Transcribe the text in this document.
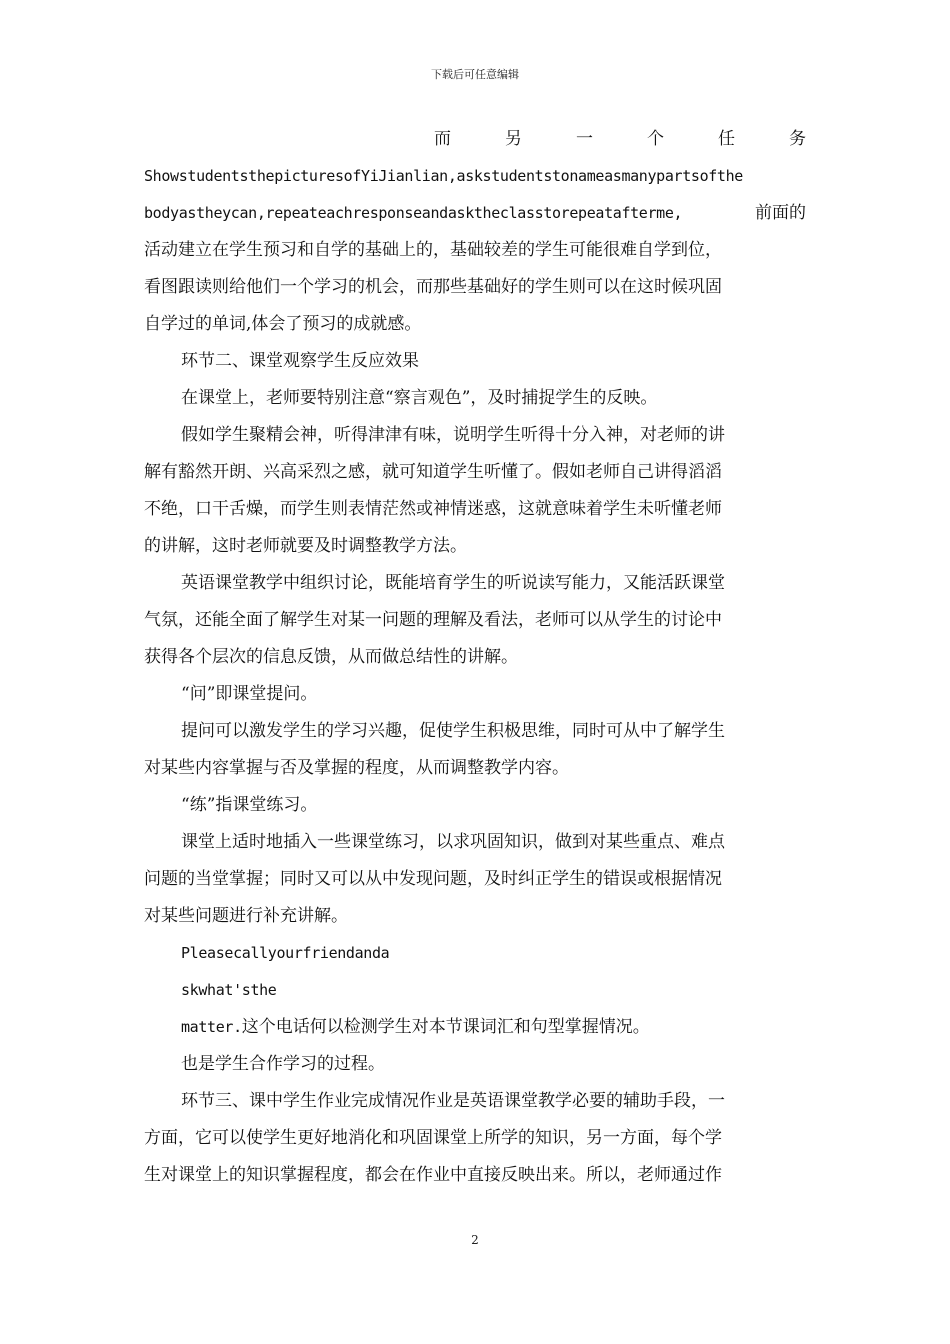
下载后可任意编辑
而	另	一	个	任	务
ShowstudentsthepicturesofYiJianlian,askstudentstonameasmanypartsofthe
bodyastheycan,repeateachresponseandasktheclasstorepeatafterme,	前面的
活动建立在学生预习和自学的基础上的，基础较差的学生可能很难自学到位，
看图跟读则给他们一个学习的机会，而那些基础好的学生则可以在这时候巩固
自学过的单词,体会了预习的成就感。
环节二、课堂观察学生反应效果
在课堂上，老师要特别注意“察言观色”，及时捕捉学生的反映。
假如学生聚精会神，听得津津有味，说明学生听得十分入神，对老师的讲
解有豁然开朗、兴高采烈之感，就可知道学生听懂了。假如老师自己讲得滔滔
不绝，口干舌燥，而学生则表情茫然或神情迷惑，这就意味着学生未听懂老师
的讲解，这时老师就要及时调整教学方法。
英语课堂教学中组织讨论，既能培育学生的听说读写能力，又能活跃课堂
气氛，还能全面了解学生对某一问题的理解及看法，老师可以从学生的讨论中
获得各个层次的信息反馈，从而做总结性的讲解。
“问”即课堂提问。
提问可以激发学生的学习兴趣，促使学生积极思维，同时可从中了解学生
对某些内容掌握与否及掌握的程度，从而调整教学内容。
“练”指课堂练习。
课堂上适时地插入一些课堂练习，以求巩固知识，做到对某些重点、难点
问题的当堂掌握；同时又可以从中发现问题，及时纠正学生的错误或根据情况
对某些问题进行补充讲解。
Pleasecallyourfriendanda
skwhat'sthe
matter.这个电话何以检测学生对本节课词汇和句型掌握情况。
也是学生合作学习的过程。
环节三、课中学生作业完成情况作业是英语课堂教学必要的辅助手段，一
方面，它可以使学生更好地消化和巩固课堂上所学的知识，另一方面，每个学
生对课堂上的知识掌握程度，都会在作业中直接反映出来。所以，老师通过作
2
